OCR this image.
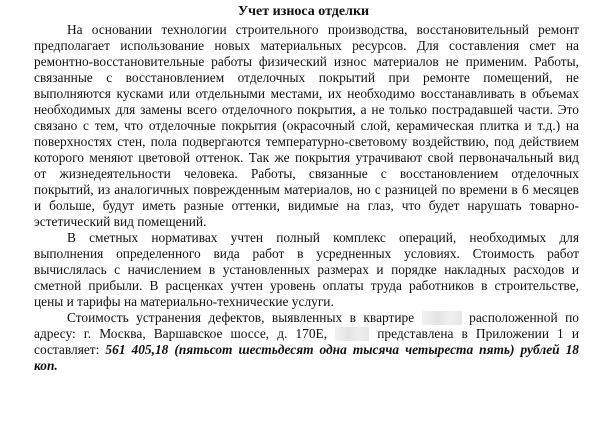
Учет износа отделки
На основании технологии строительного производства, восстановительный ремонт
предполагает использование новых материальных ресурсов. Для составления смет на
ремонтно-восстановительные работы физический износ материалов не применим. Работы,
связанные с восстановлением отделочных покрытий при ремонте помещений, не
выполняются кусками или отдельными местами, их необходимо восстанавливать в объемах
необходимых для замены всего отделочного покрытия, а не только пострадавшей части. Это
связано с тем, что отделочные покрытия (окрасочный слой, керамическая плитка и т.д.) на
поверхностях стен, пола подвергаются температурно-световому воздействию, под действием
которого меняют цветовой оттенок. Так же покрытия утрачивают свой первоначальный вид
от жизнедеятельности человека. Работы, связанные с восстановлением отделочных
покрытий, из аналогичных поврежденным материалов, но с разницей по времени в 6 месяцев
и больше, будут иметь разные оттенки, видимые на глаз, что будет нарушать товарно-
эстетический вид помещений.
В сметных нормативах учтен полный комплекс операций, необходимых для
выполнения определенного вида работ в усредненных условиях. Стоимость работ
вычислялась с начислением в установленных размерах и порядке накладных расходов и
сметной прибыли. В расценках учтен уровень оплаты труда работников в строительстве,
цены и тарифы на материально-технические услуги.
Стоимость устранения дефектов, выявленных в квартире	расположенной по
адресу: г. Москва, Варшавское шоссе, д. 170Е,	представлена в Приложении 1 и
составляет: 561 405,18 (пятьсот шестьдесят одна тысяча четыреста пять) рублей 18
коп.
